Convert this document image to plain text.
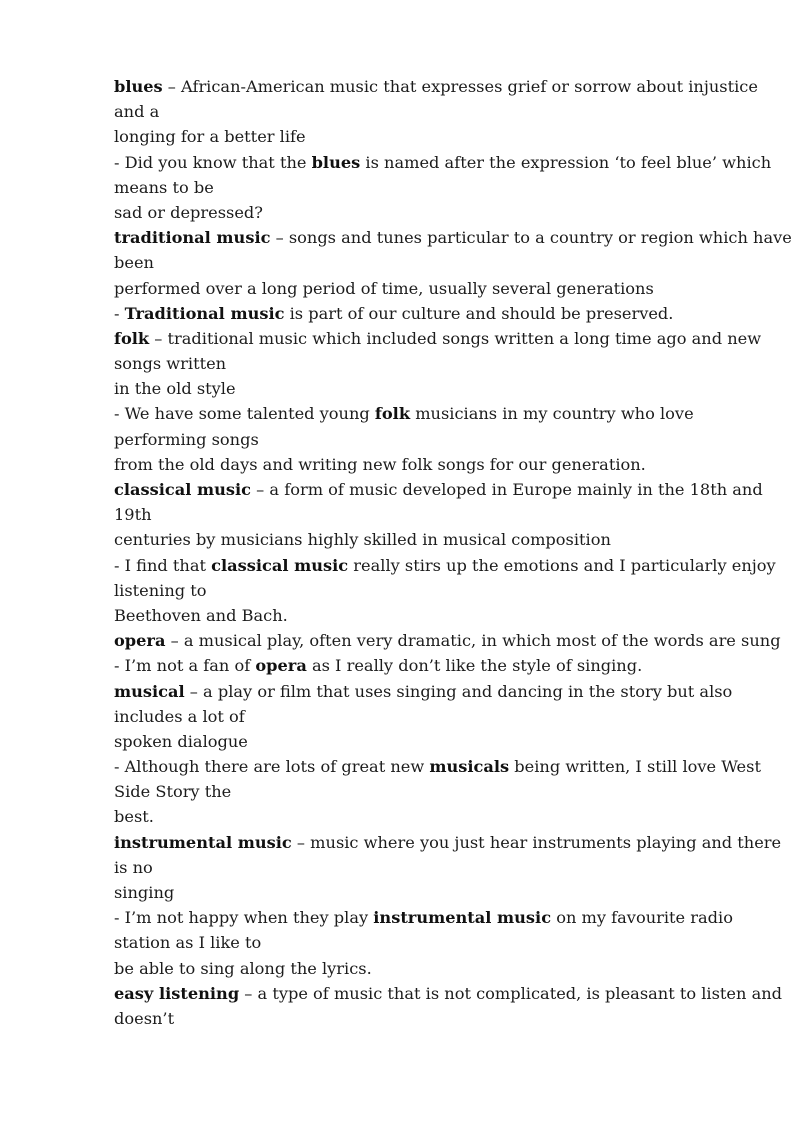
blues – African-American music that expresses grief or sorrow about injustice
and a
longing for a better life
- Did you know that the blues is named after the expression ‘to feel blue’ which
means to be
sad or depressed?
traditional music – songs and tunes particular to a country or region which have
been
performed over a long period of time, usually several generations
- Traditional music is part of our culture and should be preserved.
folk – traditional music which included songs written a long time ago and new
songs written
in the old style
- We have some talented young folk musicians in my country who love
performing songs
from the old days and writing new folk songs for our generation.
classical music – a form of music developed in Europe mainly in the 18th and
19th
centuries by musicians highly skilled in musical composition
- I find that classical music really stirs up the emotions and I particularly enjoy
listening to
Beethoven and Bach.
opera – a musical play, often very dramatic, in which most of the words are sung
- I’m not a fan of opera as I really don’t like the style of singing.
musical – a play or film that uses singing and dancing in the story but also
includes a lot of
spoken dialogue
- Although there are lots of great new musicals being written, I still love West
Side Story the
best.
instrumental music – music where you just hear instruments playing and there
is no
singing
- I’m not happy when they play instrumental music on my favourite radio
station as I like to
be able to sing along the lyrics.
easy listening – a type of music that is not complicated, is pleasant to listen and
doesn’t
